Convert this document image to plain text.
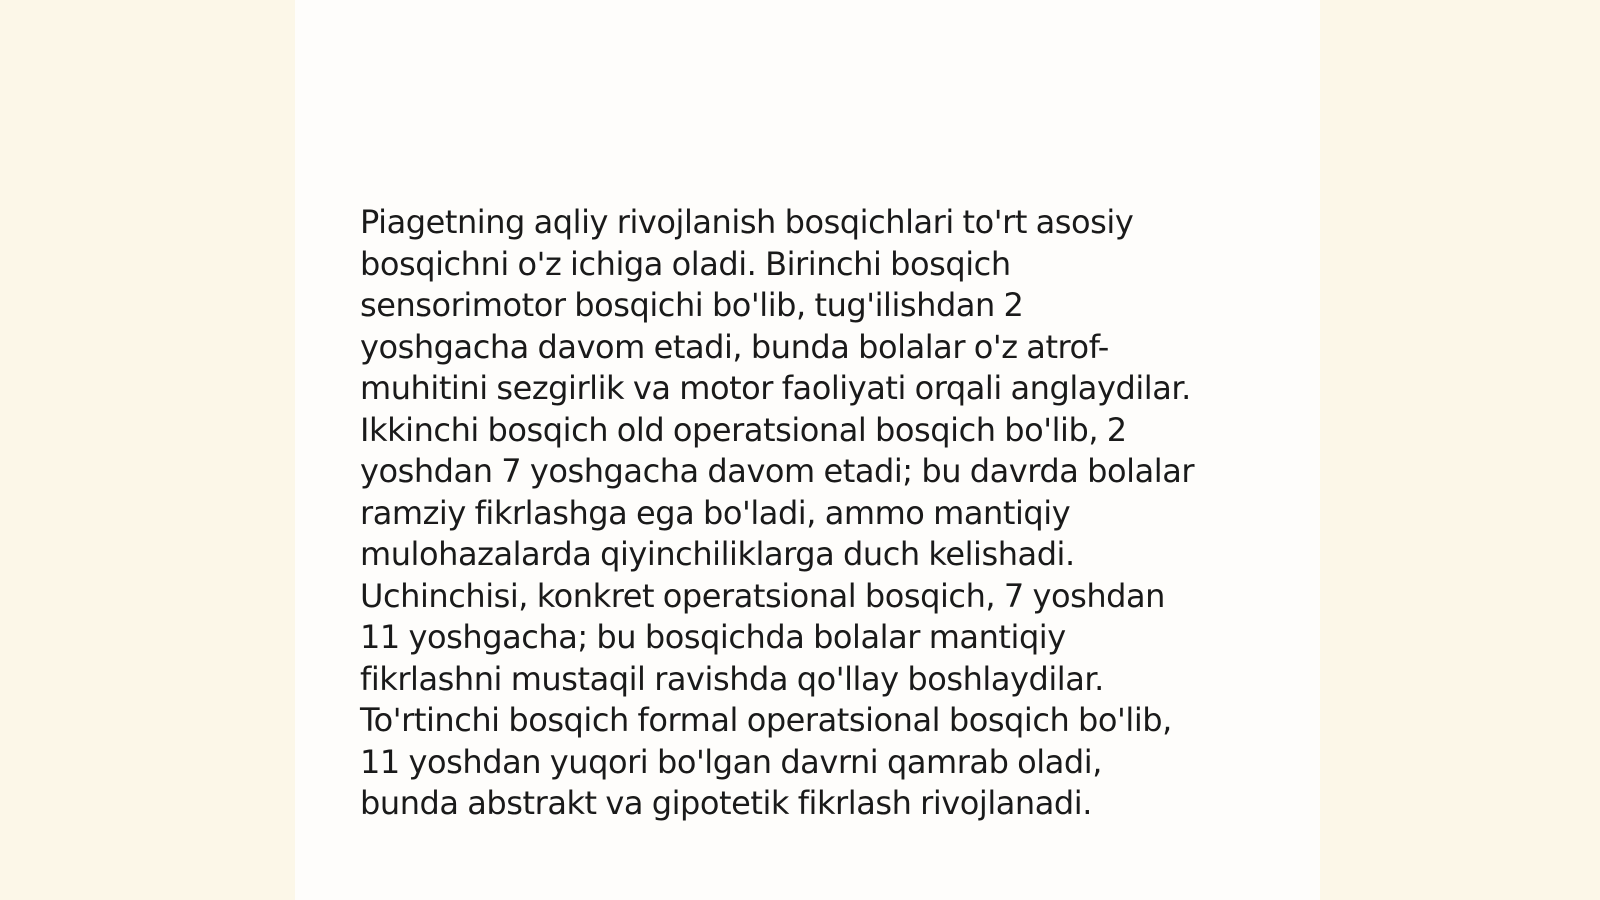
Piagetning aqliy rivojlanish bosqichlari to'rt asosiy
bosqichni o'z ichiga oladi. Birinchi bosqich
sensorimotor bosqichi bo'lib, tug'ilishdan 2
yoshgacha davom etadi, bunda bolalar o'z atrof-
muhitini sezgirlik va motor faoliyati orqali anglaydilar.
Ikkinchi bosqich old operatsional bosqich bo'lib, 2
yoshdan 7 yoshgacha davom etadi; bu davrda bolalar
ramziy fikrlashga ega bo'ladi, ammo mantiqiy
mulohazalarda qiyinchiliklarga duch kelishadi.
Uchinchisi, konkret operatsional bosqich, 7 yoshdan
11 yoshgacha; bu bosqichda bolalar mantiqiy
fikrlashni mustaqil ravishda qo'llay boshlaydilar.
To'rtinchi bosqich formal operatsional bosqich bo'lib,
11 yoshdan yuqori bo'lgan davrni qamrab oladi,
bunda abstrakt va gipotetik fikrlash rivojlanadi.
